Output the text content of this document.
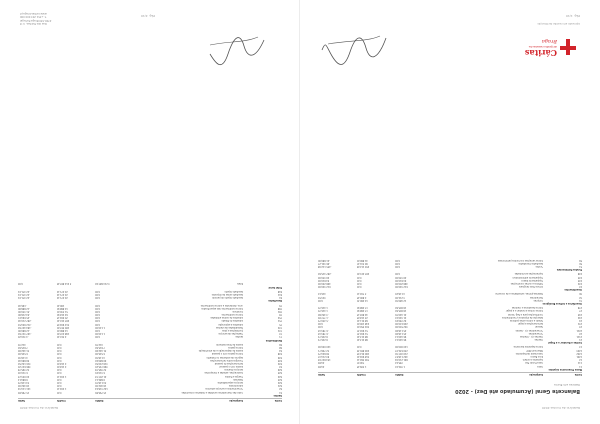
Relatório de Contas 2020
Balancete Geral (Acumulado até Dez) - 2020
Valores em Euros
Conta
Designação
Débito
Crédito
Saldo
Meios Financeiros Líquidos
11
Caixa
1 354,10
1 309,25
44,85
111
Caixa Fundo Fixo
785,42
740,57
44,85
12
Depósitos à ordem
861 210,04
706 382,11
154 827,93
1201
Novo Banco
402 118,67
318 904,20
83 214,47
1202
Caixa Geral de Depósitos
219 457,30
180 612,55
38 844,75
1203
Millennium BCP
239 634,07
206 865,36
32 768,71
13
Outros depósitos bancários
120 000,00
0,00
120 000,00
Contas a Receber e a Pagar
21
Clientes
96 440,12
88 213,40
8 226,72
2111
Clientes c/c - Utentes
96 440,12
88 213,40
8 226,72
22
Fornecedores
45 118,90
51 902,33
-6 783,43
2211
Fornecedores c/c - Gerais
45 118,90
51 902,33
-6 783,43
23
Pessoal
302 550,00
302 550,00
0,00
231
Remunerações a pagar
248 100,00
248 100,00
0,00
24
Estado e outros entes públicos
62 780,45
68 011,20
-5 230,75
242
Retenção de impostos s/ rendimentos
21 340,10
23 118,05
-1 777,95
245
Contribuições para a Seg. Social
41 440,35
44 893,15
-3 452,80
27
Outras contas a receber e a pagar
18 905,60
17 488,90
1 416,70
278
Outros devedores e credores
18 905,60
17 488,90
1 416,70
Inventários e Activos Biológicos
31
Compras
12 480,30
12 480,30
0,00
32
Mercadorias
3 214,00
2 890,45
323,55
36
Matérias-primas, subsidiárias e de consumo
4 118,20
3 702,10
416,10
Investimentos
43
Activos fixos tangíveis
612 340,00
0,00
612 340,00
432
Edifícios e outras construções
498 200,00
0,00
498 200,00
433
Equipamento básico
64 810,00
0,00
64 810,00
435
Equipamento administrativo
49 330,00
0,00
49 330,00
438
Depreciações acumuladas
0,00
287 415,60
-287 415,60
Fundos Patrimoniais
51
Fundos
0,00
455 112,08
-455 112,08
56
Resultados transitados
0,00
96 341,27
-96 341,27
59
Outras variações nos fundos patrimoniais
0,00
41 880,00
-41 880,00
Cáritas
Arquidiocesana de
Braga
Aprovado em reunião de Direcção
Pág. 1/10
Relatório de Contas 2020
Conta
Designação
Débito
Crédito
Saldo
Gastos
61
Custo das mercadorias vendidas e matérias consumidas
15 796,85
0,00
15 796,85
62
Fornecimentos e serviços externos
142 318,44
1 204,10
141 114,34
621
Subcontratos
18 402,00
0,00
18 402,00
622
Serviços especializados
34 118,76
0,00
34 118,76
623
Materiais
9 884,12
0,00
9 884,12
624
Energia e fluidos
41 207,33
1 204,10
40 003,23
625
Deslocações, estadas e transportes
6 310,45
0,00
6 310,45
626
Serviços diversos
32 395,78
0,00
32 395,78
63
Gastos com o pessoal
398 745,20
2 118,00
396 627,20
632
Remunerações do pessoal
318 220,50
2 118,00
316 102,50
635
Encargos sobre remunerações
69 880,40
0,00
69 880,40
636
Seguros de acidentes no trabalho
4 118,30
0,00
4 118,30
638
Outros gastos com o pessoal
6 526,00
0,00
6 526,00
64
Gastos de depreciação e de amortização
31 442,90
0,00
31 442,90
68
Outros gastos
7 815,60
0,00
7 815,60
69
Gastos de financiamento
412,35
0,00
412,35
Rendimentos
71
Vendas
0,00
4 310,20
-4 310,20
72
Prestações de serviços
1 120,00
198 447,60
-197 327,60
721
Quotizações e jóias
0,00
12 880,00
-12 880,00
722
Mensalidades de utentes
1 120,00
185 567,60
-184 447,60
75
Subsídios à exploração
0,00
312 904,55
-312 904,55
751
Subsídios do Estado
0,00
287 210,40
-287 210,40
752
Subsídios de outras entidades
0,00
25 694,15
-25 694,15
78
Outros rendimentos
0,00
64 218,90
-64 218,90
781
Donativos
0,00
51 330,00
-51 330,00
788
Outros rendimentos não especificados
0,00
12 888,90
-12 888,90
79
Juros, dividendos e outros rendimentos
0,00
196,40
-196,40
Resultados
81
Resultado líquido do período
0,00
22 471,19
-22 471,19
811
Resultado antes de impostos
0,00
22 471,19
-22 471,19
818
Resultado líquido
0,00
22 471,19
-22 471,19
Total Geral
Totais
3 214 887,46
3 214 887,46
0,00
Pág. 2/10
Rua dos Falcões, nº 8
4700-330 Braga Portugal
T. +351 253 000 000
www.caritas-braga.pt
